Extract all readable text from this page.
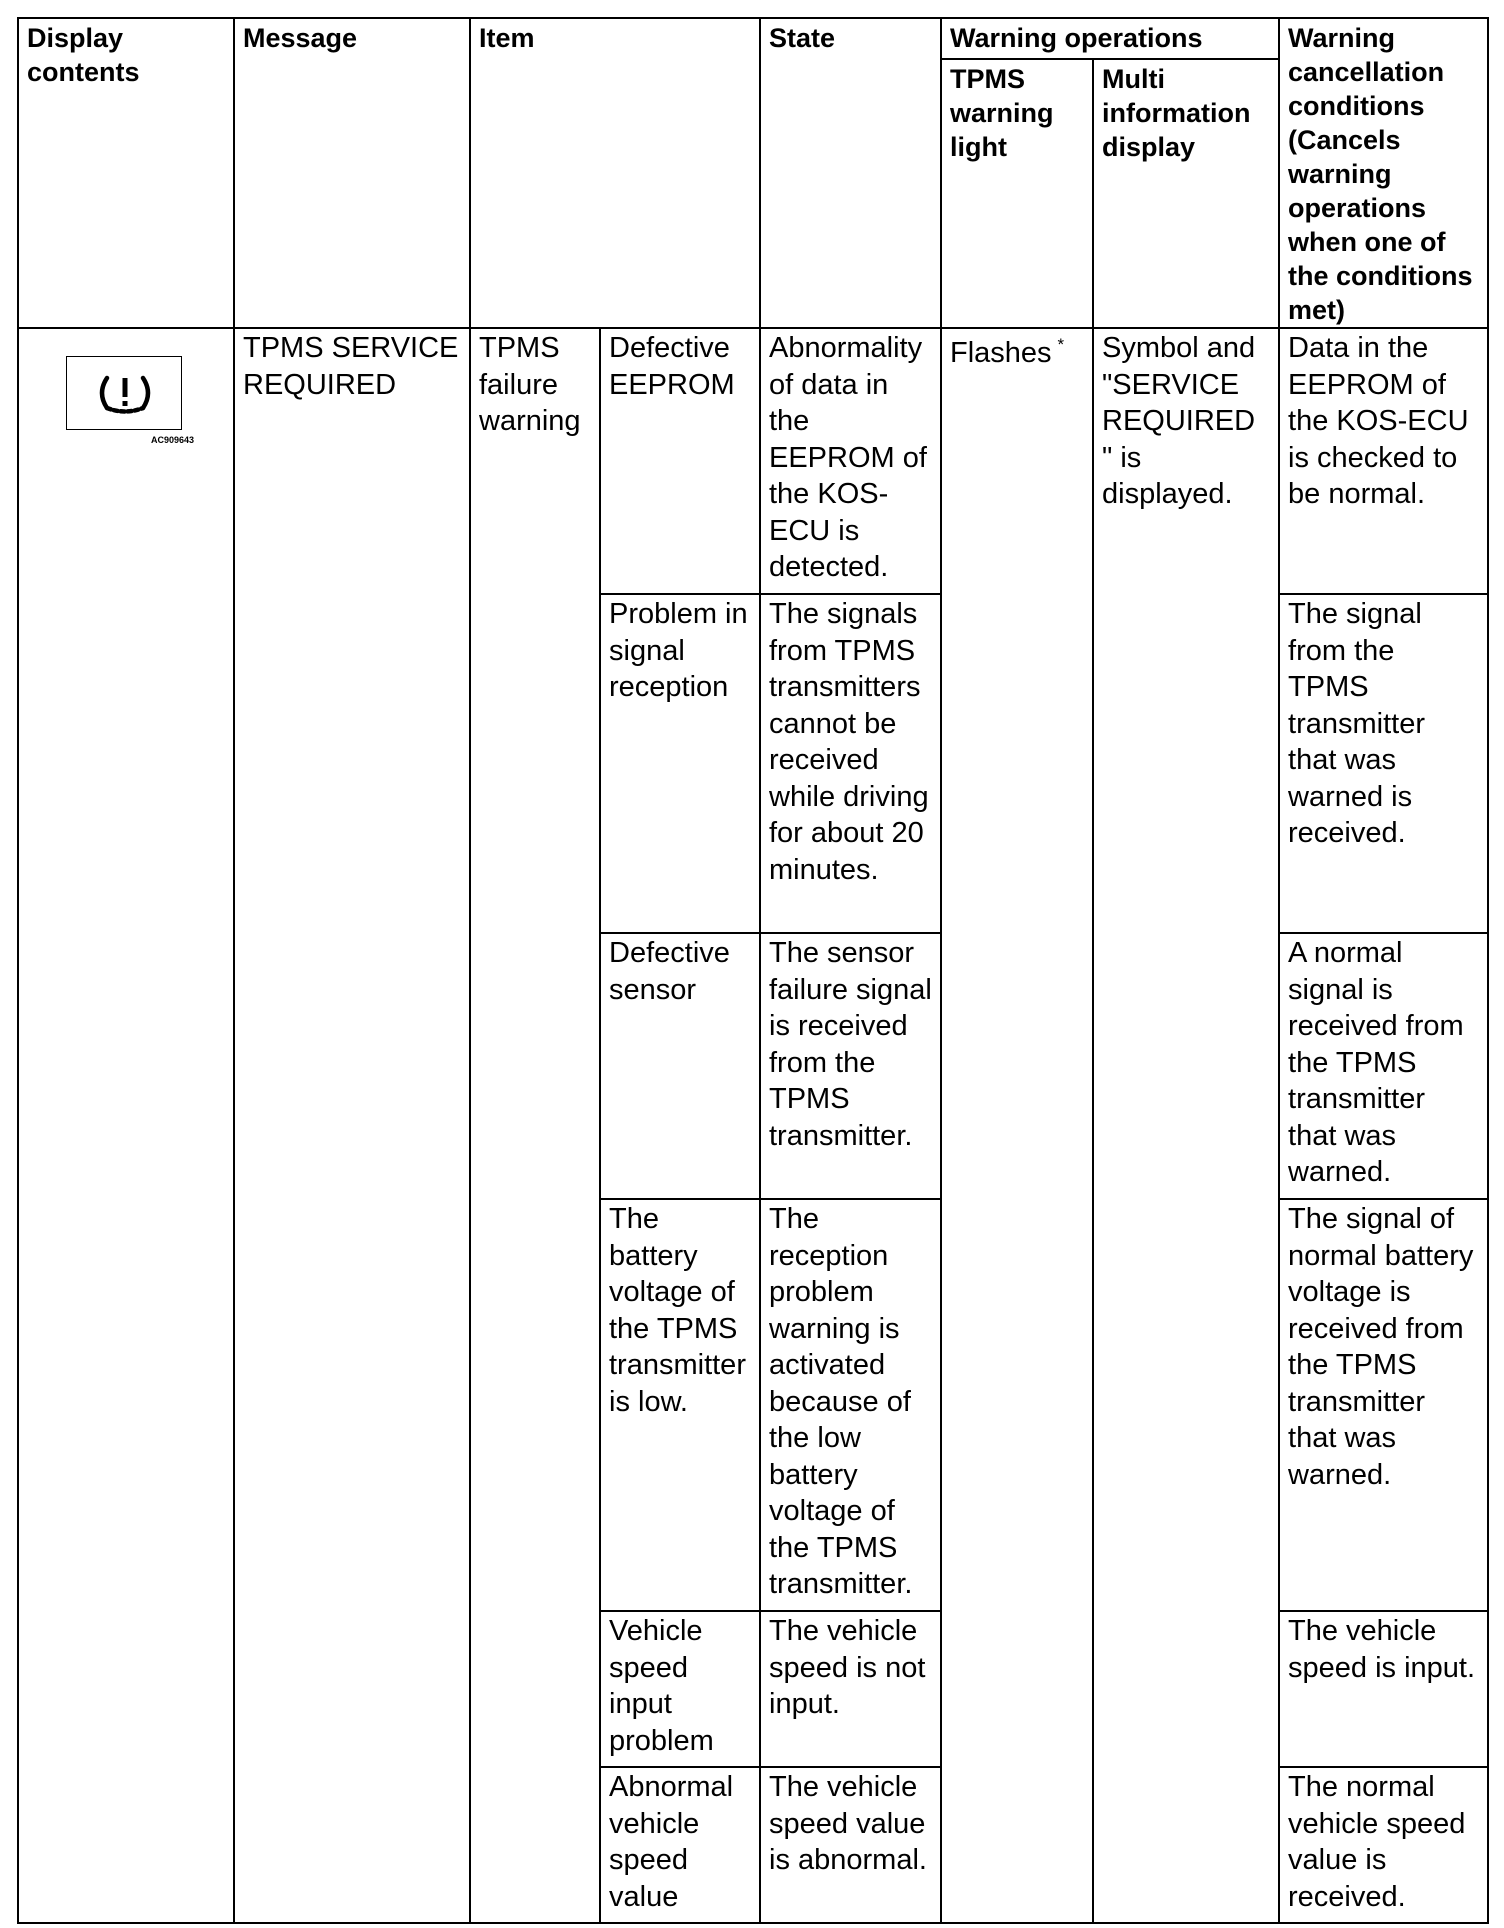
Display contents	Message	Item		State	Warning operations		Warning cancellation conditions (Cancels warning operations when one of the conditions met)
					TPMS warning light	Multi information display	

AC909643	TPMS SERVICE REQUIRED	TPMS failure warning	Defective EEPROM	Abnormality of data in the EEPROM of the KOS-ECU is detected.	Flashes *	Symbol and "SERVICE REQUIRED " is displayed.	Data in the EEPROM of the KOS-ECU is checked to be normal.
			Problem in signal reception	The signals from TPMS transmitters cannot be received while driving for about 20 minutes.			The signal from the TPMS transmitter that was warned is received.
			Defective sensor	The sensor failure signal is received from the TPMS transmitter.			A normal signal is received from the TPMS transmitter that was warned.
			The battery voltage of the TPMS transmitter is low.	The reception problem warning is activated because of the low battery voltage of the TPMS transmitter.			The signal of normal battery voltage is received from the TPMS transmitter that was warned.
			Vehicle speed input problem	The vehicle speed is not input.			The vehicle speed is input.
			Abnormal vehicle speed value	The vehicle speed value is abnormal.			The normal vehicle speed value is received.
